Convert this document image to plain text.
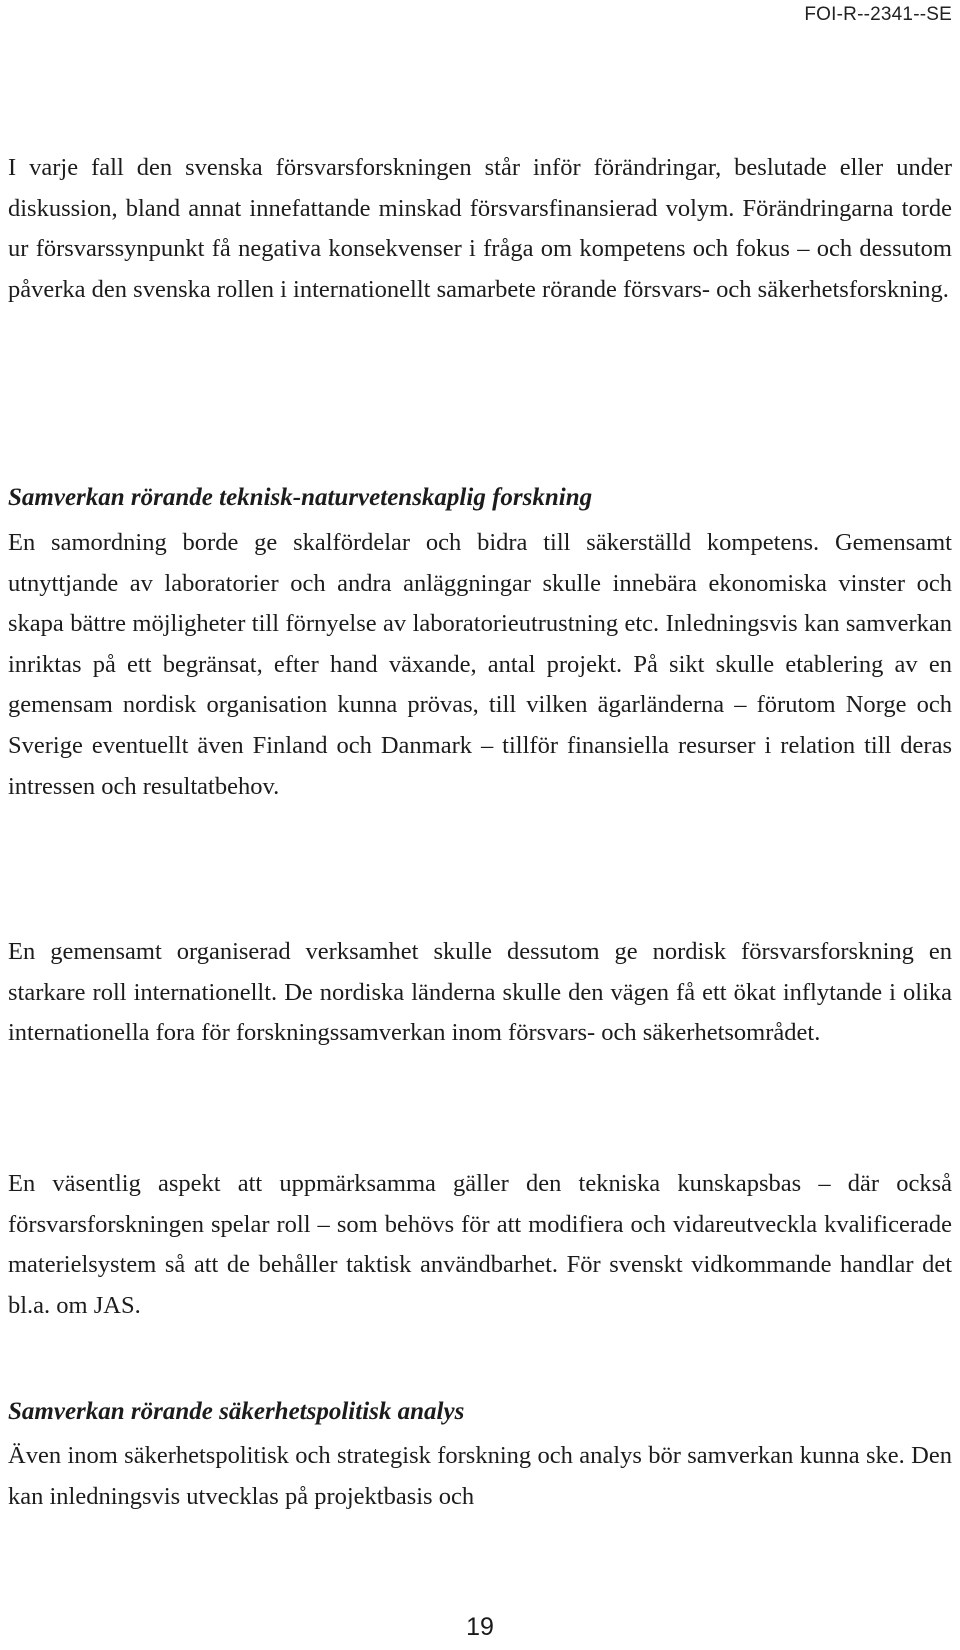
FOI-R--2341--SE

I varje fall den svenska försvarsforskningen står inför förändringar, beslutade eller under diskussion, bland annat innefattande minskad försvarsfinansierad volym. Förändringarna torde ur försvarssynpunkt få negativa konsekvenser i fråga om kompetens och fokus – och dessutom påverka den svenska rollen i internationellt samarbete rörande försvars- och säkerhetsforskning.

Samverkan rörande teknisk-naturvetenskaplig forskning

En samordning borde ge skalfördelar och bidra till säkerställd kompetens. Gemensamt utnyttjande av laboratorier och andra anläggningar skulle innebära ekonomiska vinster och skapa bättre möjligheter till förnyelse av laboratorieutrustning etc. Inledningsvis kan samverkan inriktas på ett begränsat, efter hand växande, antal projekt. På sikt skulle etablering av en gemensam nordisk organisation kunna prövas, till vilken ägarländerna – förutom Norge och Sverige eventuellt även Finland och Danmark – tillför finansiella resurser i relation till deras intressen och resultatbehov.

En gemensamt organiserad verksamhet skulle dessutom ge nordisk försvarsforskning en starkare roll internationellt. De nordiska länderna skulle den vägen få ett ökat inflytande i olika internationella fora för forskningssamverkan inom försvars- och säkerhetsområdet.

En väsentlig aspekt att uppmärksamma gäller den tekniska kunskapsbas – där också försvarsforskningen spelar roll – som behövs för att modifiera och vidareutveckla kvalificerade materielsystem så att de behåller taktisk användbarhet. För svenskt vidkommande handlar det bl.a. om JAS.

Samverkan rörande säkerhetspolitisk analys

Även inom säkerhetspolitisk och strategisk forskning och analys bör samverkan kunna ske. Den kan inledningsvis utvecklas på projektbasis och

19
